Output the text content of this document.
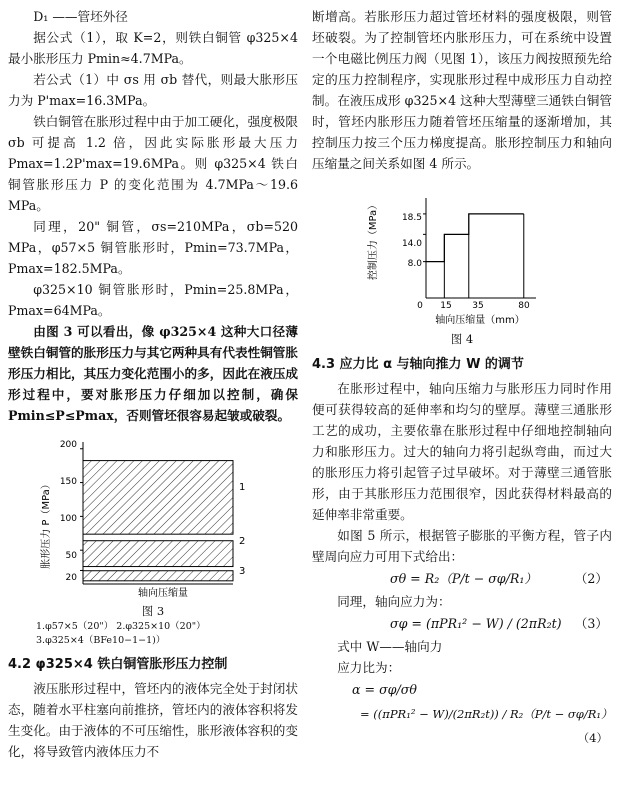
D₁ ——管坯外径

据公式（1），取 K=2，则铁白铜管 φ325×4 最小胀形压力 Pmin≈4.7MPa。

若公式（1）中 σs 用 σb 替代，则最大胀形压力为 P'max=16.3MPa。

铁白铜管在胀形过程中由于加工硬化，强度极限 σb 可提高 1.2 倍，因此实际胀形最大压力 Pmax=1.2P'max=19.6MPa。则 φ325×4 铁白铜管胀形压力 P 的变化范围为 4.7MPa～19.6 MPa。

同理，20" 铜管，σs=210MPa，σb=520 MPa，φ57×5 铜管胀形时，Pmin=73.7MPa，Pmax=182.5MPa。

φ325×10 铜管胀形时，Pmin=25.8MPa，Pmax=64MPa。

由图 3 可以看出，像 φ325×4 这种大口径薄壁铁白铜管的胀形压力与其它两种具有代表性铜管胀形压力相比，其压力变化范围小的多，因此在液压成形过程中，要对胀形压力仔细加以控制，确保 Pmin≤P≤Pmax，否则管坯很容易起皱或破裂。

胀形压力 P（MPa）
轴向压缩量
200
150
100
50
20
1
2
3

图 3

1.φ57×5（20"） 2.φ325×10（20"）

3.φ325×4（BFe10−1−1)）

4.2 φ325×4 铁白铜管胀形压力控制

液压胀形过程中，管坯内的液体完全处于封闭状态，随着水平柱塞向前推挤，管坯内的液体容积将发生变化。由于液体的不可压缩性，胀形液体容积的变化，将导致管内液体压力不

断增高。若胀形压力超过管坯材料的强度极限，则管坯破裂。为了控制管坯内胀形压力，可在系统中设置一个电磁比例压力阀（见图 1），该压力阀按照预先给定的压力控制程序，实现胀形过程中成形压力自动控制。在液压成形 φ325×4 这种大型薄壁三通铁白铜管时，管坯内胀形压力随着管坯压缩量的逐渐增加，其控制压力按三个压力梯度提高。胀形控制压力和轴向压缩量之间关系如图 4 所示。

控制压力（MPa）
轴向压缩量（mm）
18.5
14.0
8.0
0 15 35	80

图 4

4.3 应力比 α 与轴向推力 W 的调节

在胀形过程中，轴向压缩力与胀形压力同时作用便可获得较高的延伸率和均匀的壁厚。薄壁三通胀形工艺的成功，主要依靠在胀形过程中仔细地控制轴向力和胀形压力。过大的轴向力将引起纵弯曲，而过大的胀形压力将引起管子过早破坏。对于薄壁三通管胀形，由于其胀形压力范围很窄，因此获得材料最高的延伸率非常重要。

如图 5 所示，根据管子膨胀的平衡方程，管子内壁周向应力可用下式给出：

σθ = R₂（P/t − σφ/R₁）	（2）

同理，轴向应力为：

σφ = (πPR₁² − W) / (2πR₂t) （3）

式中 W——轴向力

应力比为：

α = σφ/σθ
= ((πPR₁² − W)/(2πR₂t)) / R₂（P/t − σφ/R₁）
（4）
